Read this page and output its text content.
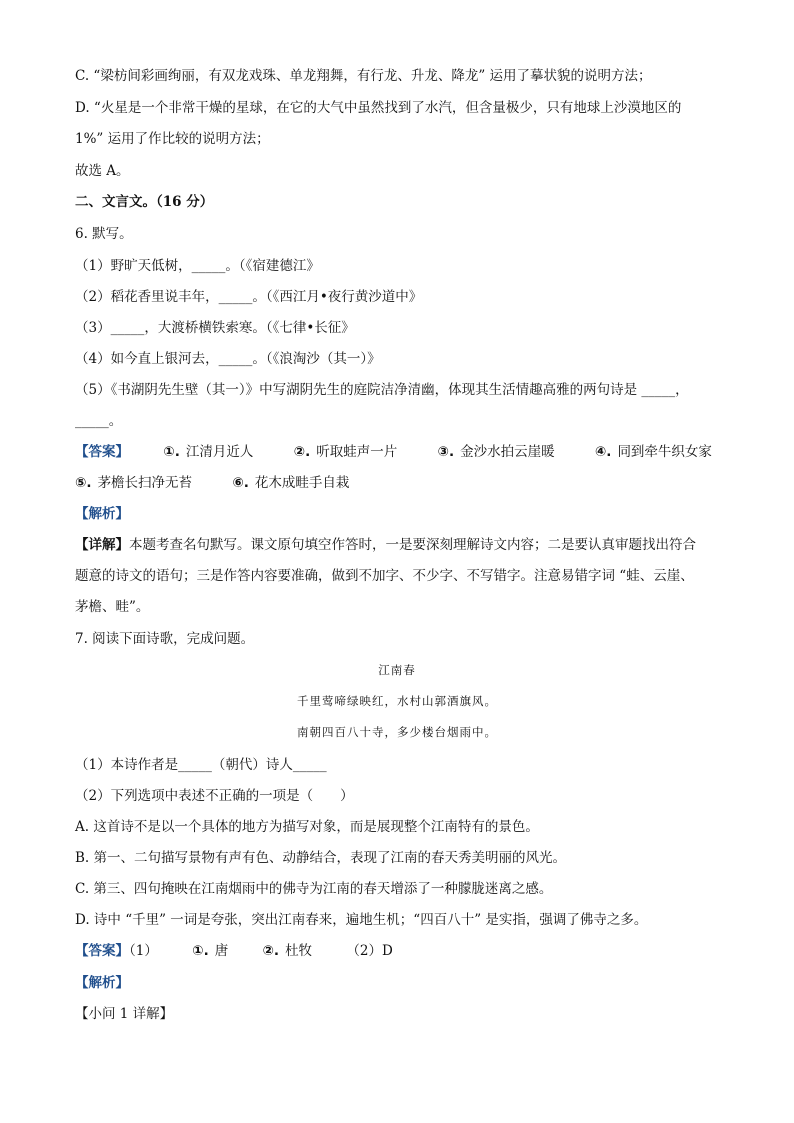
C. “梁枋间彩画绚丽，有双龙戏珠、单龙翔舞，有行龙、升龙、降龙” 运用了摹状貌的说明方法；
D. “火星是一个非常干燥的星球，在它的大气中虽然找到了水汽，但含量极少，只有地球上沙漠地区的
1%” 运用了作比较的说明方法；
故选 A。
二、文言文。（16 分）
6. 默写。
（1）野旷天低树，_____。（《宿建德江》
（2）稻花香里说丰年，_____。（《西江月•夜行黄沙道中》
（3）_____，大渡桥横铁索寒。（《七律•长征》
（4）如今直上银河去，_____。（《浪淘沙（其一）》
（5）《书湖阴先生壁（其一）》中写湖阴先生的庭院洁净清幽，体现其生活情趣高雅的两句诗是 _____，
_____。
【答案】	①. 江清月近人	②. 听取蛙声一片	③. 金沙水拍云崖暖	④. 同到牵牛织女家
⑤. 茅檐长扫净无苔	⑥. 花木成畦手自栽
【解析】
【详解】本题考查名句默写。课文原句填空作答时，一是要深刻理解诗文内容；二是要认真审题找出符合
题意的诗文的语句；三是作答内容要准确，做到不加字、不少字、不写错字。注意易错字词 “蛙、云崖、
茅檐、畦”。
7. 阅读下面诗歌，完成问题。
江南春
千里莺啼绿映红，水村山郭酒旗风。
南朝四百八十寺，多少楼台烟雨中。
（1）本诗作者是_____（朝代）诗人_____
（2）下列选项中表述不正确的一项是（　　）
A. 这首诗不是以一个具体的地方为描写对象，而是展现整个江南特有的景色。
B. 第一、二句描写景物有声有色、动静结合，表现了江南的春天秀美明丽的风光。
C. 第三、四句掩映在江南烟雨中的佛寺为江南的春天增添了一种朦胧迷离之感。
D. 诗中 “千里” 一词是夸张，突出江南春来，遍地生机；“四百八十” 是实指，强调了佛寺之多。
【答案】（1）	①. 唐	②. 杜牧	（2）D
【解析】
【小问 1 详解】
